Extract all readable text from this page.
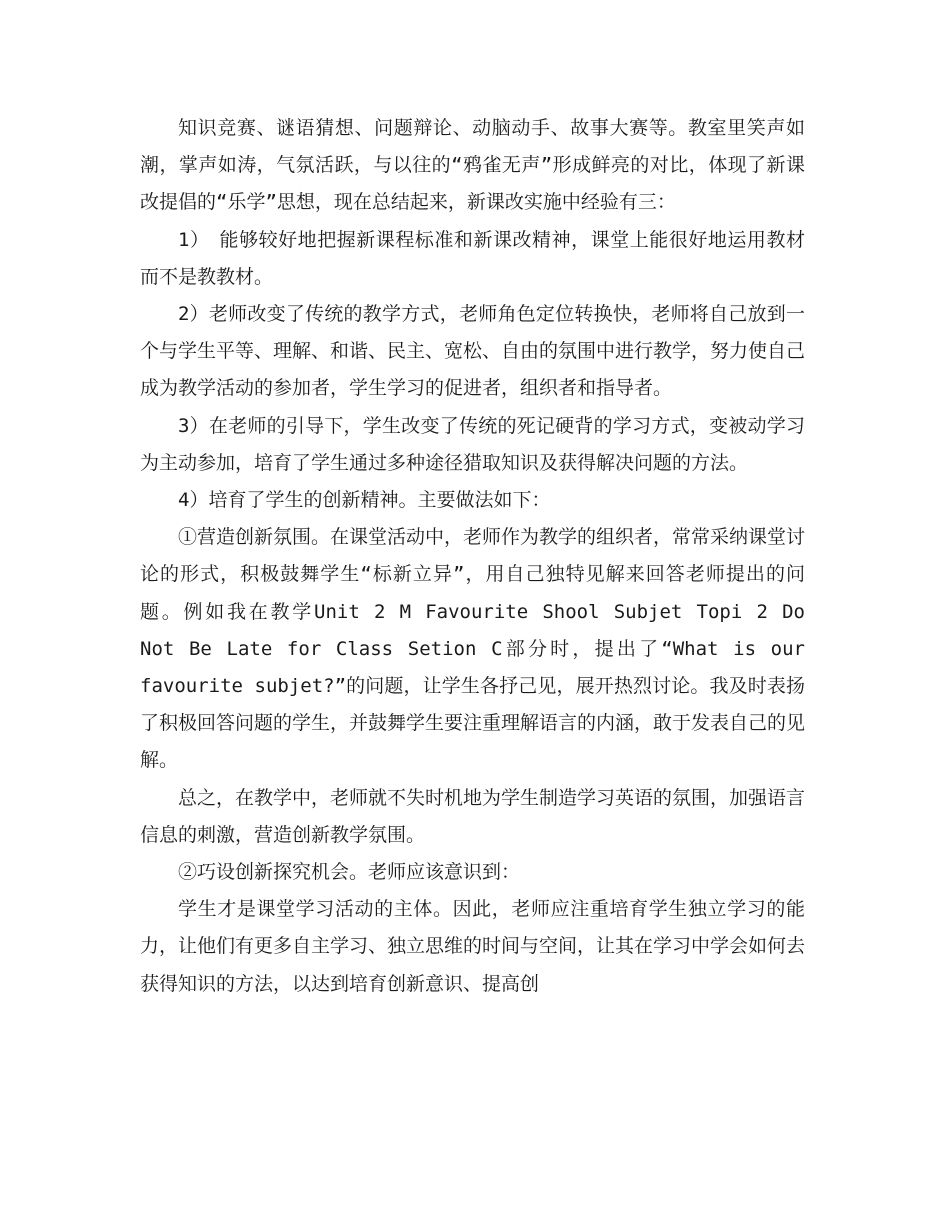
知识竞赛、谜语猜想、问题辩论、动脑动手、故事大赛等。教室里笑声如潮，掌声如涛，气氛活跃，与以往的“鸦雀无声”形成鲜亮的对比，体现了新课改提倡的“乐学”思想，现在总结起来，新课改实施中经验有三：

1）　能够较好地把握新课程标准和新课改精神，课堂上能很好地运用教材而不是教教材。

2）老师改变了传统的教学方式，老师角色定位转换快，老师将自己放到一个与学生平等、理解、和谐、民主、宽松、自由的氛围中进行教学，努力使自己成为教学活动的参加者，学生学习的促进者，组织者和指导者。

3）在老师的引导下，学生改变了传统的死记硬背的学习方式，变被动学习为主动参加，培育了学生通过多种途径猎取知识及获得解决问题的方法。

4）培育了学生的创新精神。主要做法如下：

①营造创新氛围。在课堂活动中，老师作为教学的组织者，常常采纳课堂讨论的形式，积极鼓舞学生“标新立异”，用自己独特见解来回答老师提出的问题。例如我在教学Unit 2 M Favourite Shool Subjet Topi 2 Do Not Be Late for Class Setion C部分时，提出了“What is our favourite subjet?”的问题，让学生各抒己见，展开热烈讨论。我及时表扬了积极回答问题的学生，并鼓舞学生要注重理解语言的内涵，敢于发表自己的见解。

总之，在教学中，老师就不失时机地为学生制造学习英语的氛围，加强语言信息的刺激，营造创新教学氛围。

②巧设创新探究机会。老师应该意识到：

学生才是课堂学习活动的主体。因此，老师应注重培育学生独立学习的能力，让他们有更多自主学习、独立思维的时间与空间，让其在学习中学会如何去获得知识的方法，以达到培育创新意识、提高创
